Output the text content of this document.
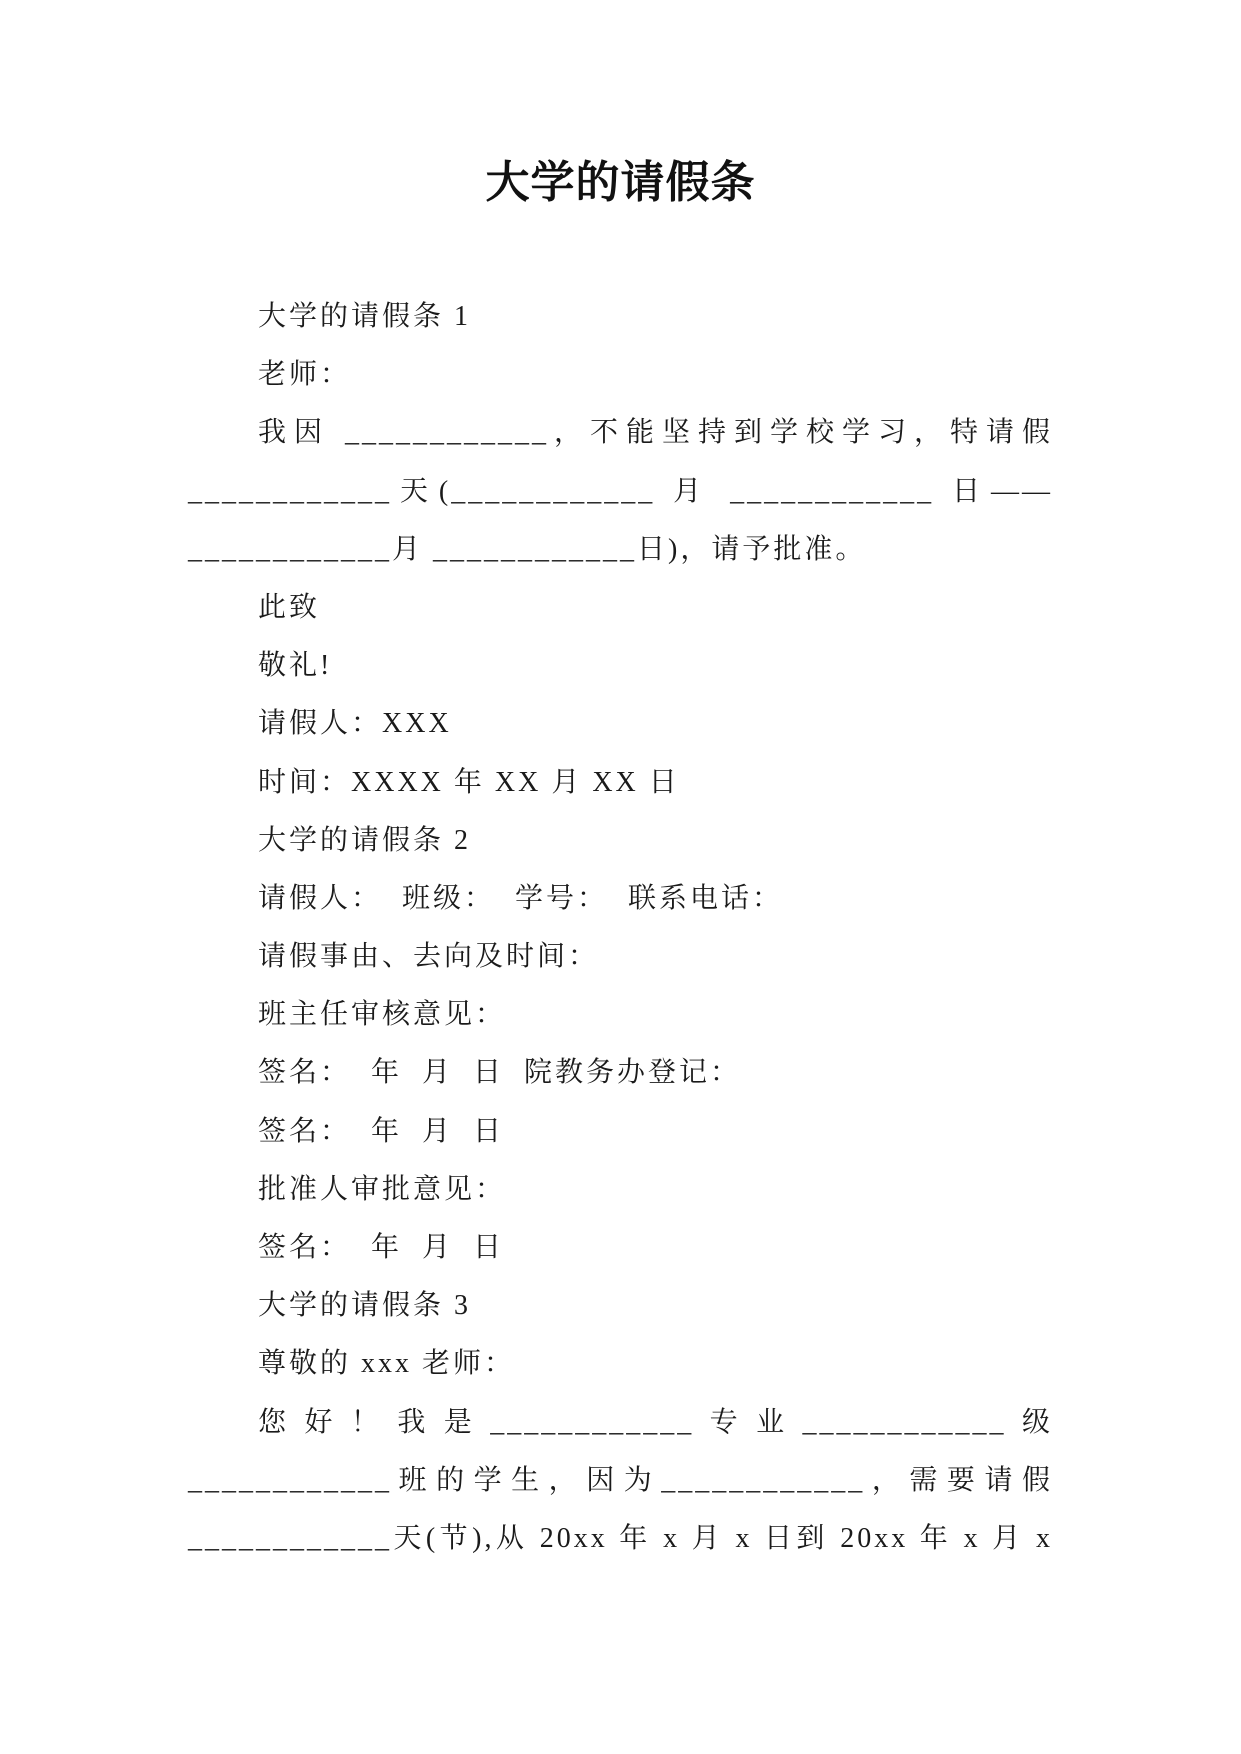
大学的请假条
大学的请假条 1
老师：
我因 ____________，不能坚持到学校学习，特请假
____________天(____________ 月 ____________ 日——
____________月 ____________日)，请予批准。
此致
敬礼!
请假人：XXX
时间：XXXX 年 XX 月 XX 日
大学的请假条 2
请假人：  班级：  学号：  联系电话：
请假事由、去向及时间：
班主任审核意见：
签名：  年  月  日  院教务办登记：
签名：  年  月  日
批准人审批意见：
签名：  年  月  日
大学的请假条 3
尊敬的 xxx 老师：
您好！我是____________专业____________级
____________班的学生，因为____________，需要请假
____________天(节),从 20xx 年 x 月 x 日到 20xx 年 x 月 x
